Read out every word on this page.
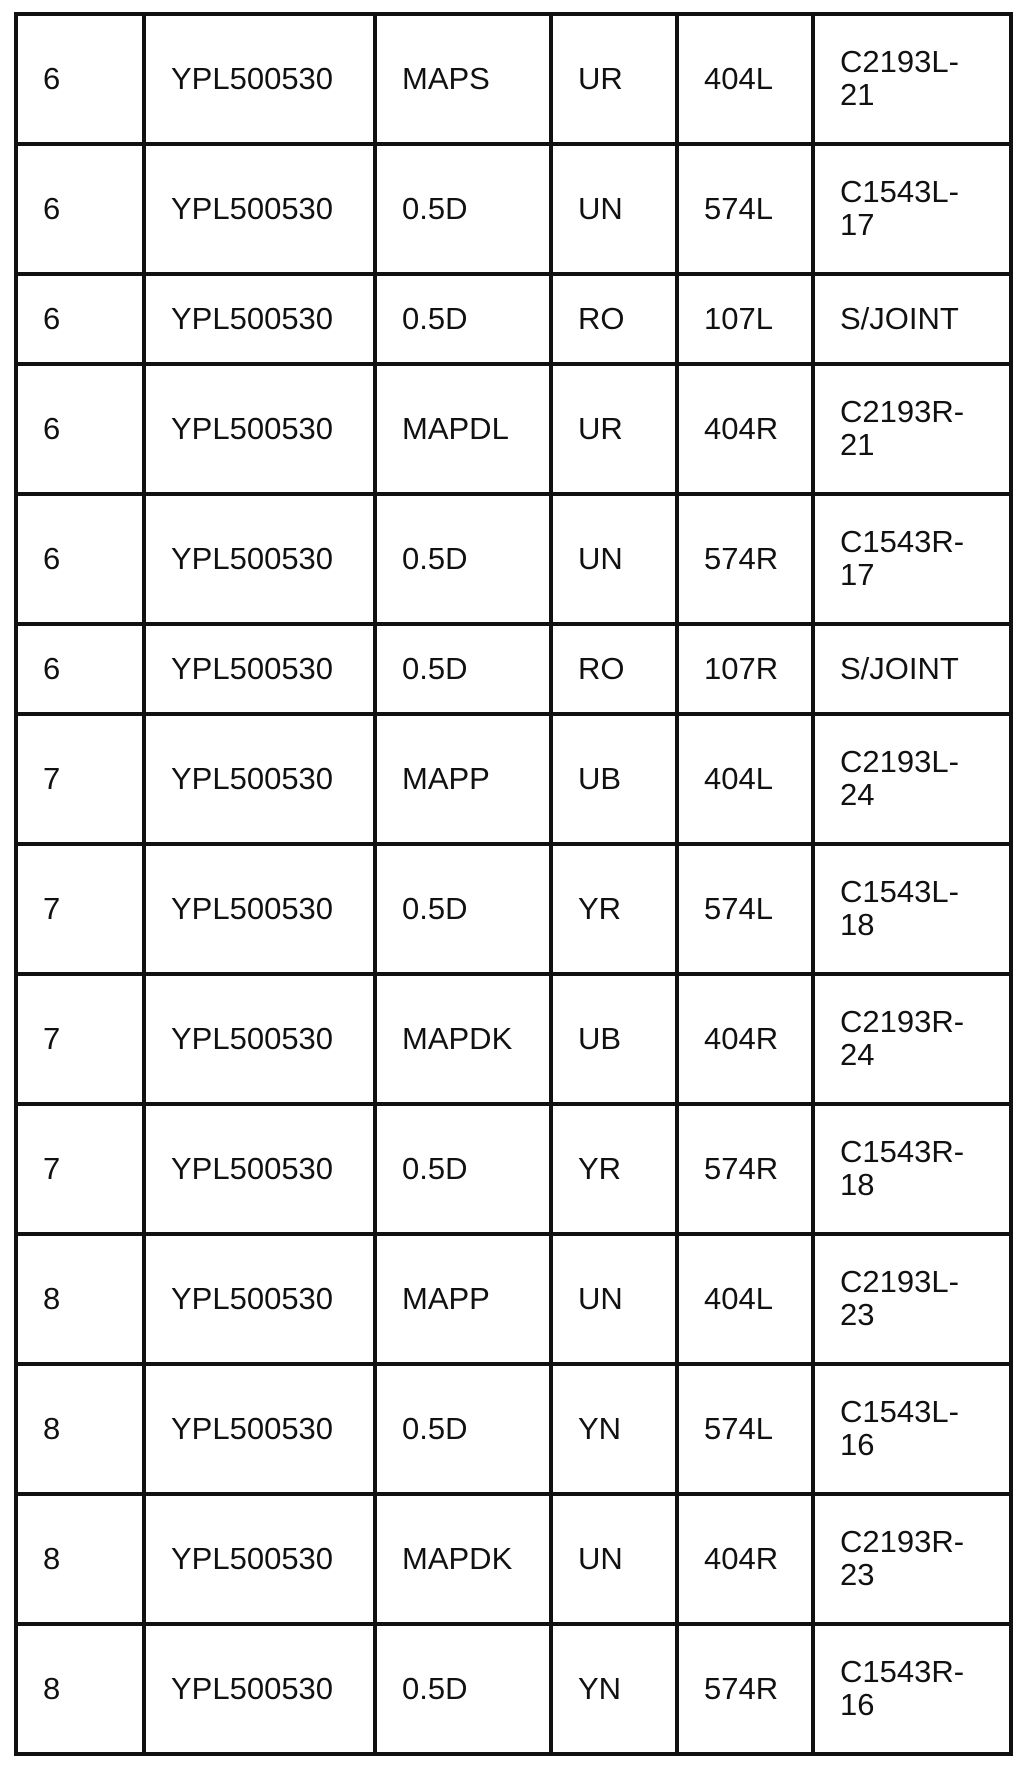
6	YPL500530	MAPS	UR	404L	C2193L-
21
6	YPL500530	0.5D	UN	574L	C1543L-
17
6	YPL500530	0.5D	RO	107L	S/JOINT
6	YPL500530	MAPDL	UR	404R	C2193R-
21
6	YPL500530	0.5D	UN	574R	C1543R-
17
6	YPL500530	0.5D	RO	107R	S/JOINT
7	YPL500530	MAPP	UB	404L	C2193L-
24
7	YPL500530	0.5D	YR	574L	C1543L-
18
7	YPL500530	MAPDK	UB	404R	C2193R-
24
7	YPL500530	0.5D	YR	574R	C1543R-
18
8	YPL500530	MAPP	UN	404L	C2193L-
23
8	YPL500530	0.5D	YN	574L	C1543L-
16
8	YPL500530	MAPDK	UN	404R	C2193R-
23
8	YPL500530	0.5D	YN	574R	C1543R-
16
